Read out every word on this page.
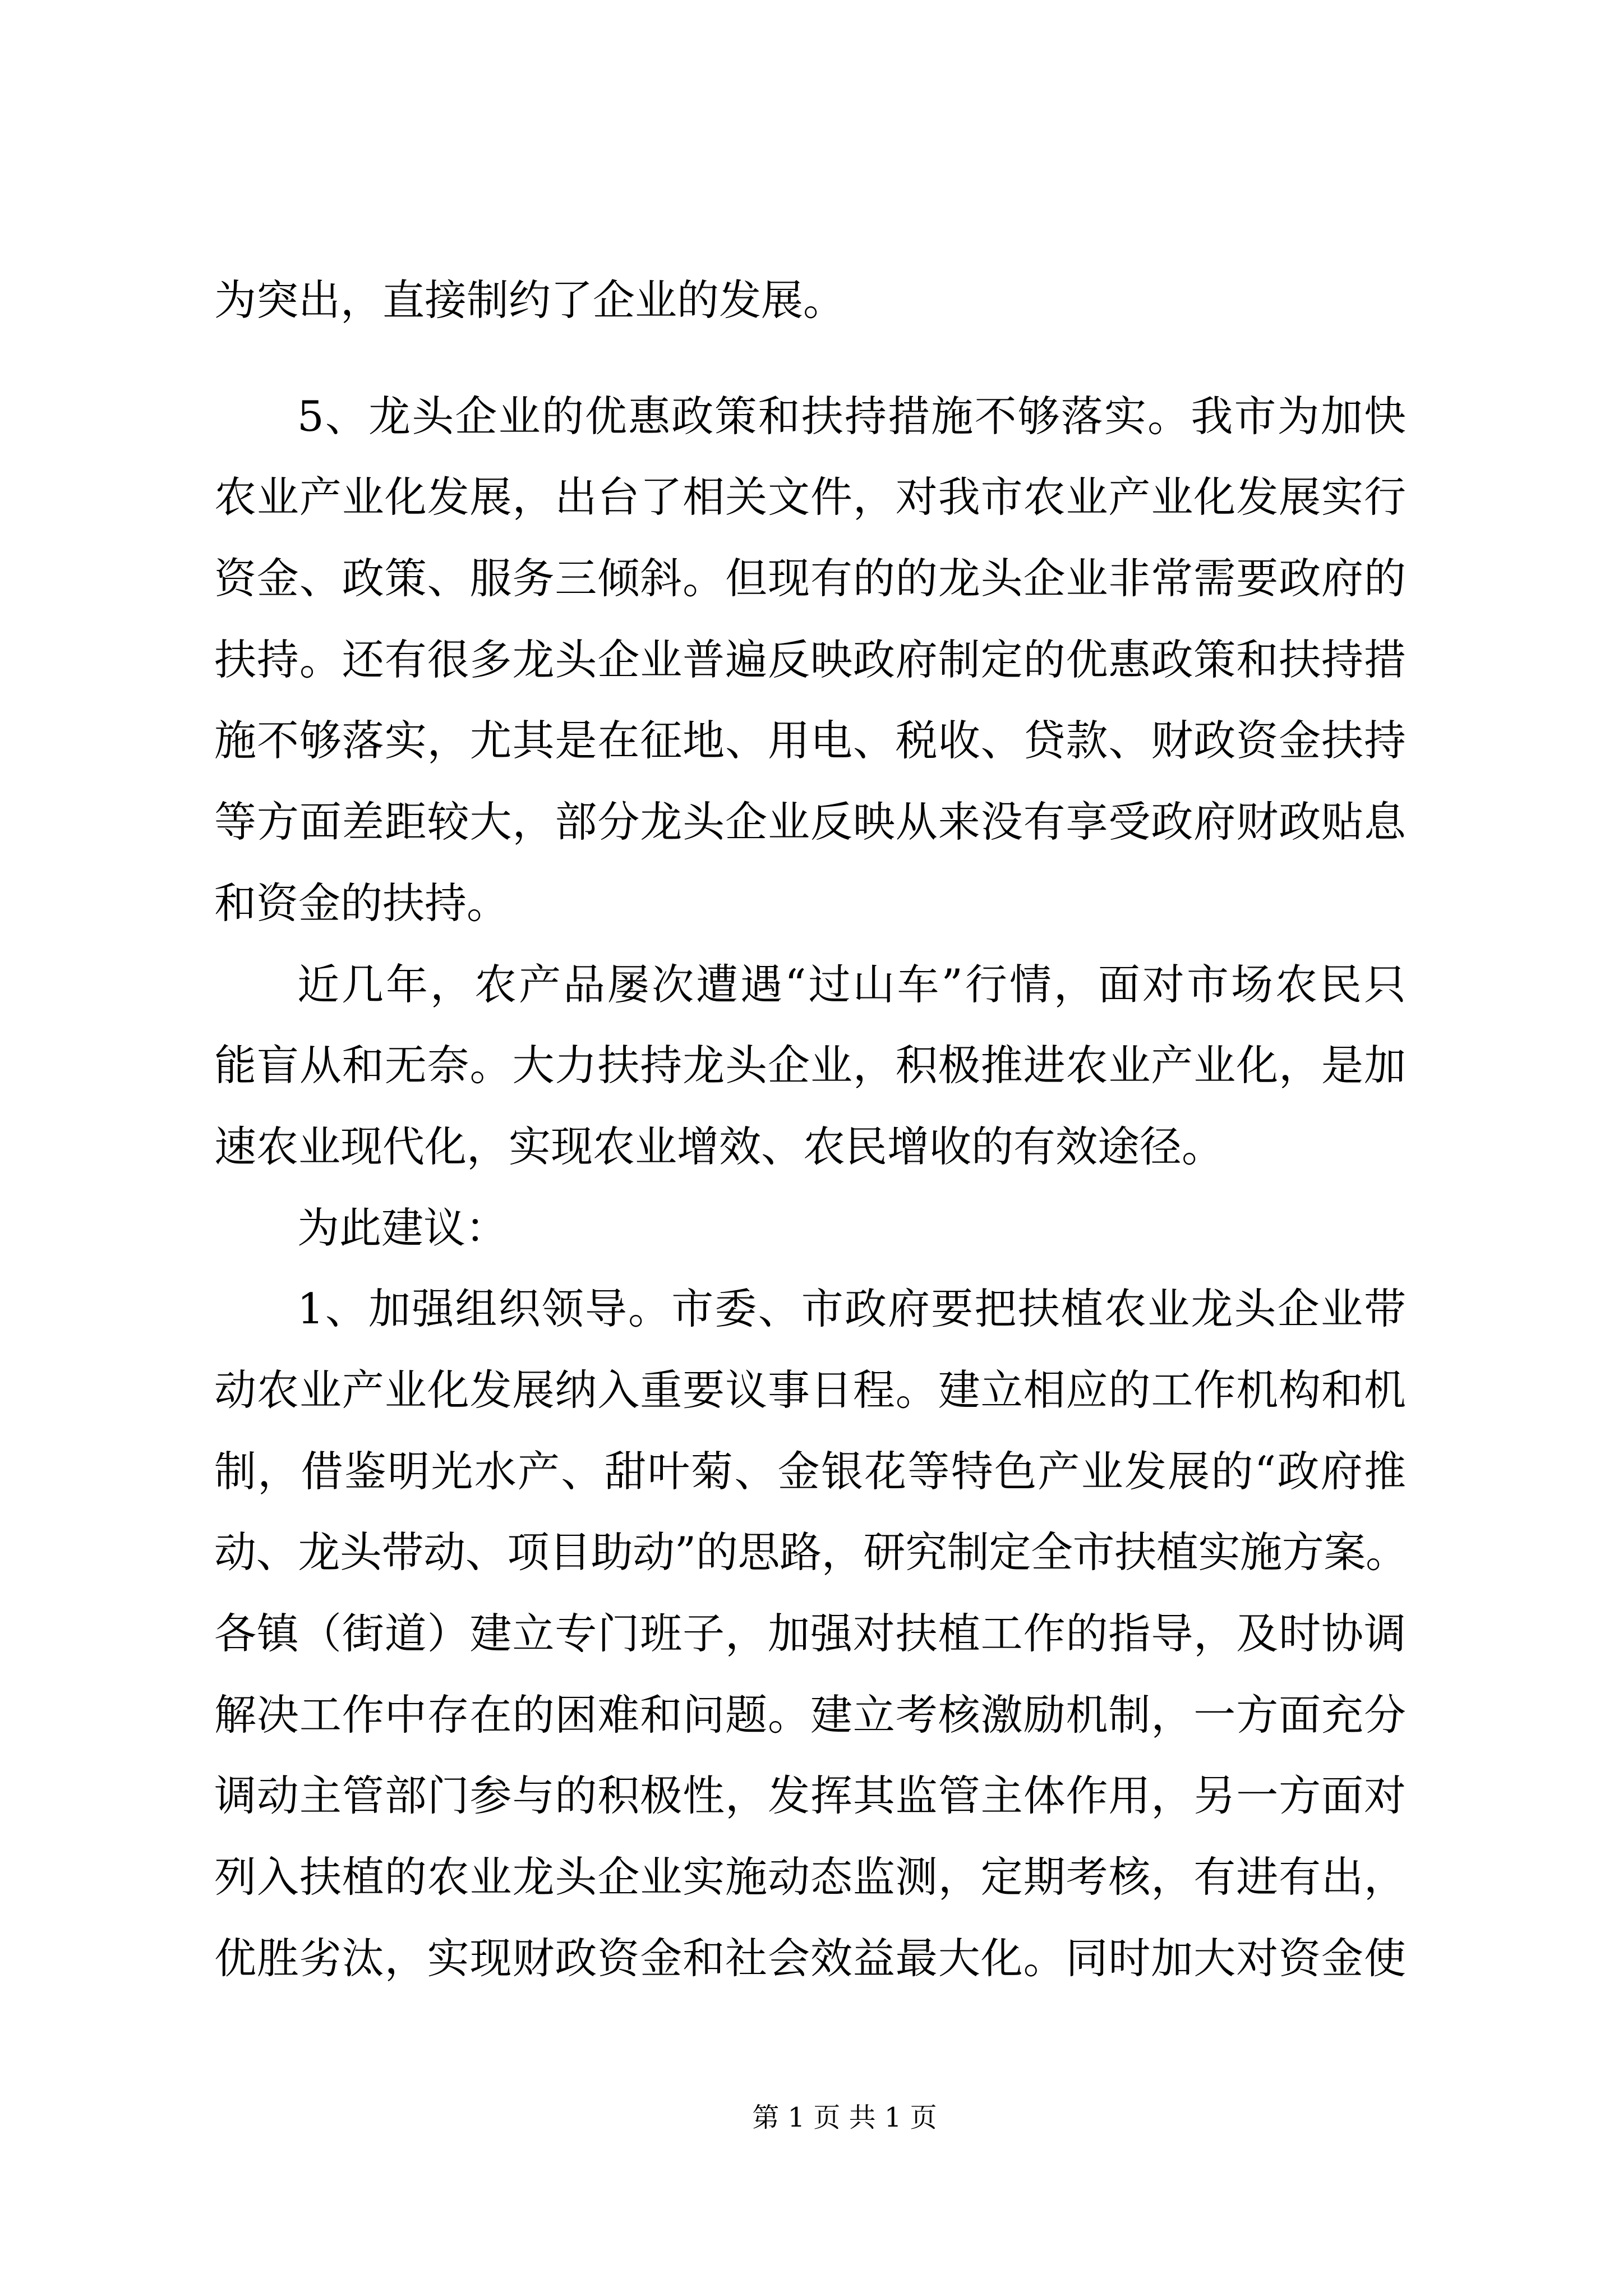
为突出，直接制约了企业的发展。
5、龙头企业的优惠政策和扶持措施不够落实。我市为加快
农业产业化发展，出台了相关文件，对我市农业产业化发展实行
资金、政策、服务三倾斜。但现有的的龙头企业非常需要政府的
扶持。还有很多龙头企业普遍反映政府制定的优惠政策和扶持措
施不够落实，尤其是在征地、用电、税收、贷款、财政资金扶持
等方面差距较大，部分龙头企业反映从来没有享受政府财政贴息
和资金的扶持。
近几年，农产品屡次遭遇“过山车”行情，面对市场农民只
能盲从和无奈。大力扶持龙头企业，积极推进农业产业化，是加
速农业现代化，实现农业增效、农民增收的有效途径。
为此建议：
1、加强组织领导。市委、市政府要把扶植农业龙头企业带
动农业产业化发展纳入重要议事日程。建立相应的工作机构和机
制，借鉴明光水产、甜叶菊、金银花等特色产业发展的“政府推
动、龙头带动、项目助动”的思路，研究制定全市扶植实施方案。
各镇（街道）建立专门班子，加强对扶植工作的指导，及时协调
解决工作中存在的困难和问题。建立考核激励机制，一方面充分
调动主管部门参与的积极性，发挥其监管主体作用，另一方面对
列入扶植的农业龙头企业实施动态监测，定期考核，有进有出，
优胜劣汰，实现财政资金和社会效益最大化。同时加大对资金使
第 1 页 共 1 页
